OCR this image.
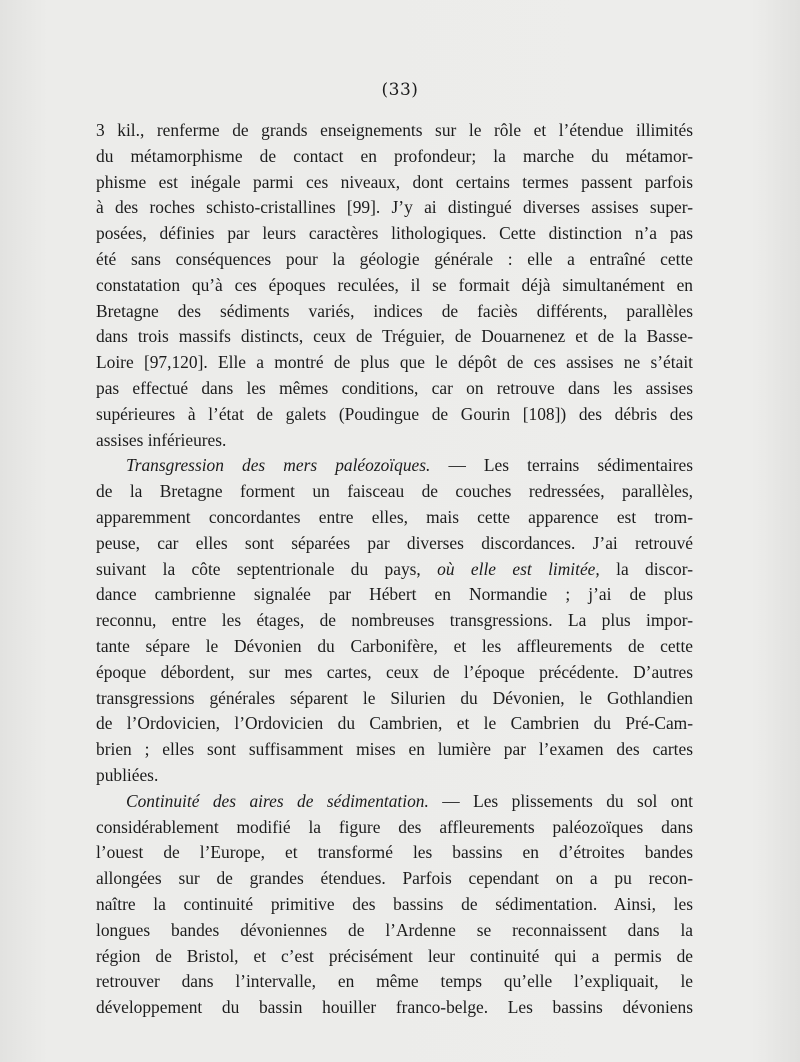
(33)
3 kil., renferme de grands enseignements sur le rôle et l’étendue illimités
du métamorphisme de contact en profondeur; la marche du métamor-
phisme est inégale parmi ces niveaux, dont certains termes passent parfois
à des roches schisto-cristallines [99]. J’y ai distingué diverses assises super-
posées, définies par leurs caractères lithologiques. Cette distinction n’a pas
été sans conséquences pour la géologie générale : elle a entraîné cette
constatation qu’à ces époques reculées, il se formait déjà simultanément en
Bretagne des sédiments variés, indices de faciès différents, parallèles
dans trois massifs distincts, ceux de Tréguier, de Douarnenez et de la Basse-
Loire [97,120]. Elle a montré de plus que le dépôt de ces assises ne s’était
pas effectué dans les mêmes conditions, car on retrouve dans les assises
supérieures à l’état de galets (Poudingue de Gourin [108]) des débris des
assises inférieures.
Transgression des mers paléozoïques. — Les terrains sédimentaires
de la Bretagne forment un faisceau de couches redressées, parallèles,
apparemment concordantes entre elles, mais cette apparence est trom-
peuse, car elles sont séparées par diverses discordances. J’ai retrouvé
suivant la côte septentrionale du pays, où elle est limitée, la discor-
dance cambrienne signalée par Hébert en Normandie ; j’ai de plus
reconnu, entre les étages, de nombreuses transgressions. La plus impor-
tante sépare le Dévonien du Carbonifère, et les affleurements de cette
époque débordent, sur mes cartes, ceux de l’époque précédente. D’autres
transgressions générales séparent le Silurien du Dévonien, le Gothlandien
de l’Ordovicien, l’Ordovicien du Cambrien, et le Cambrien du Pré-Cam-
brien ; elles sont suffisamment mises en lumière par l’examen des cartes
publiées.
Continuité des aires de sédimentation. — Les plissements du sol ont
considérablement modifié la figure des affleurements paléozoïques dans
l’ouest de l’Europe, et transformé les bassins en d’étroites bandes
allongées sur de grandes étendues. Parfois cependant on a pu recon-
naître la continuité primitive des bassins de sédimentation. Ainsi, les
longues bandes dévoniennes de l’Ardenne se reconnaissent dans la
région de Bristol, et c’est précisément leur continuité qui a permis de
retrouver dans l’intervalle, en même temps qu’elle l’expliquait, le
développement du bassin houiller franco-belge. Les bassins dévoniens
